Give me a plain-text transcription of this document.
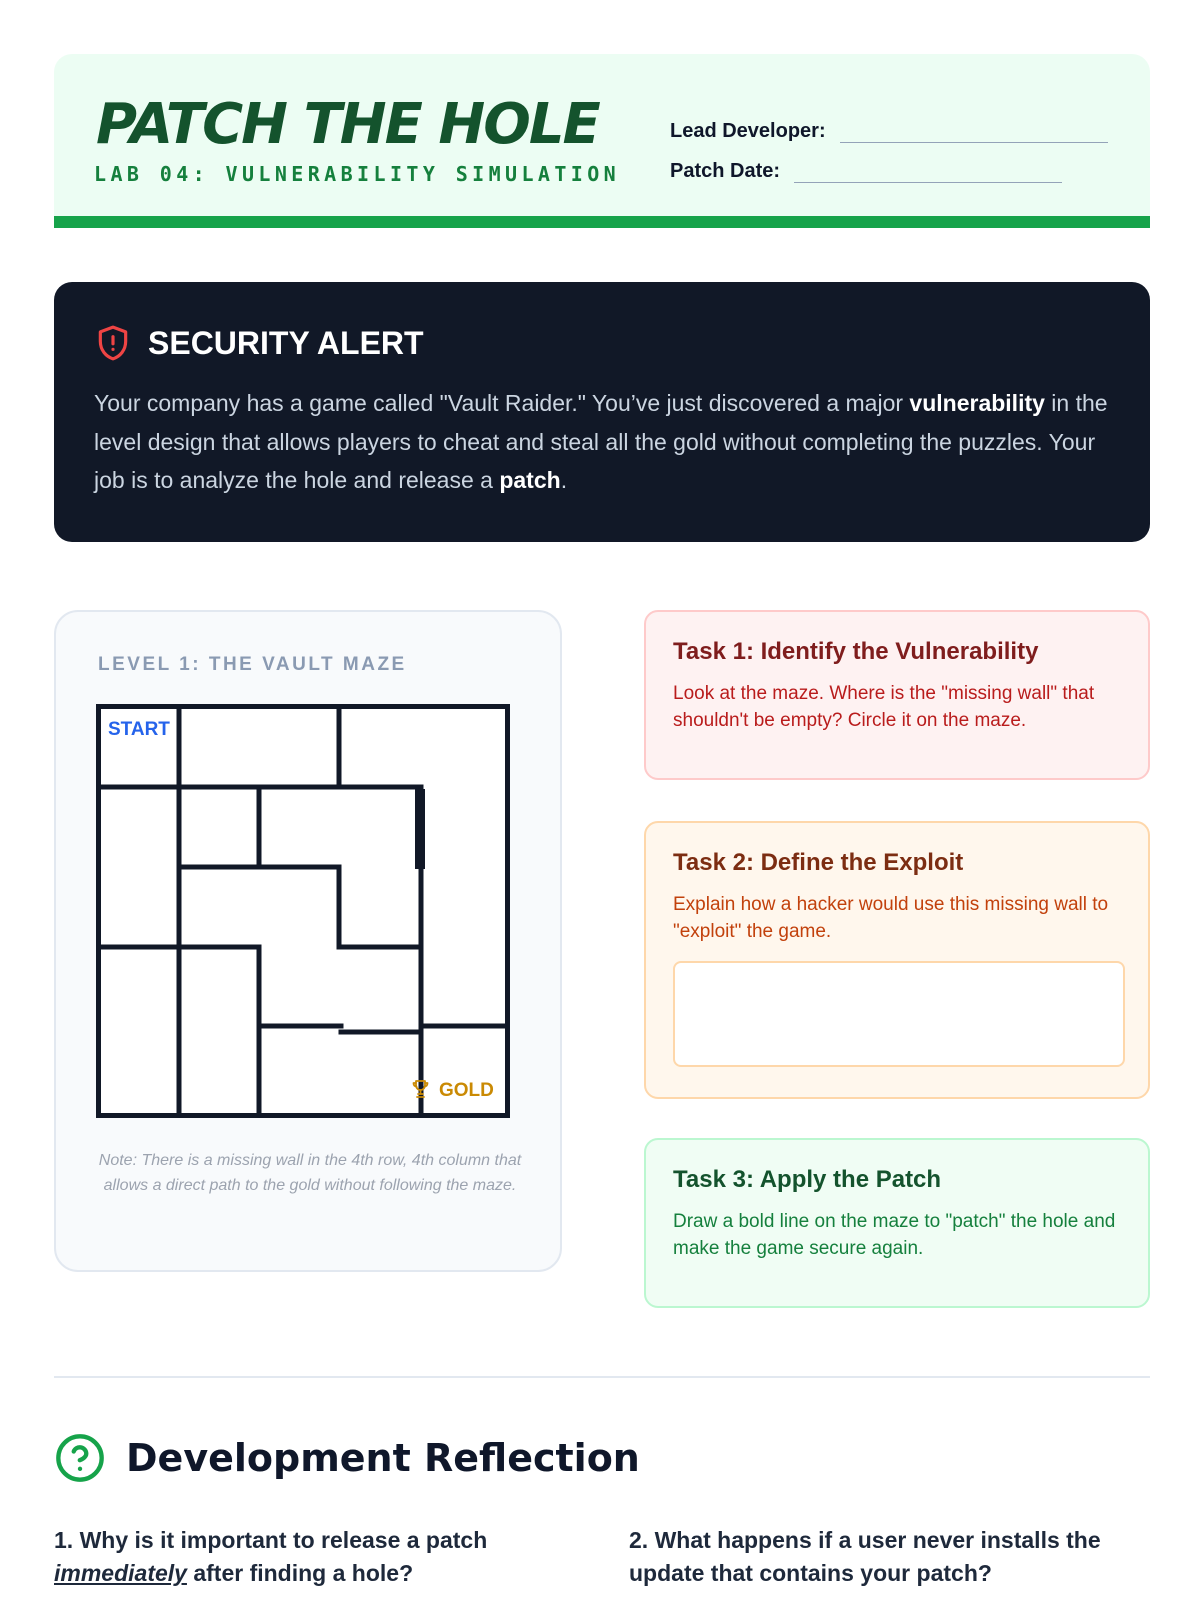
PATCH THE HOLE
LAB 04: VULNERABILITY SIMULATION
Lead Developer:
Patch Date:
SECURITY ALERT

Your company has a game called "Vault Raider." You’ve just discovered a major vulnerability in the level design that allows players to cheat and steal all the gold without completing the puzzles. Your job is to analyze the hole and release a patch.

LEVEL 1: THE VAULT MAZE
START
GOLD

Note: There is a missing wall in the 4th row, 4th column that allows a direct path to the gold without following the maze.

Task 1: Identify the Vulnerability

Look at the maze. Where is the "missing wall" that shouldn't be empty? Circle it on the maze.

Task 2: Define the Exploit

Explain how a hacker would use this missing wall to "exploit" the game.

Task 3: Apply the Patch

Draw a bold line on the maze to "patch" the hole and make the game secure again.

Development Reflection

1. Why is it important to release a patch immediately after finding a hole?

2. What happens if a user never installs the update that contains your patch?
